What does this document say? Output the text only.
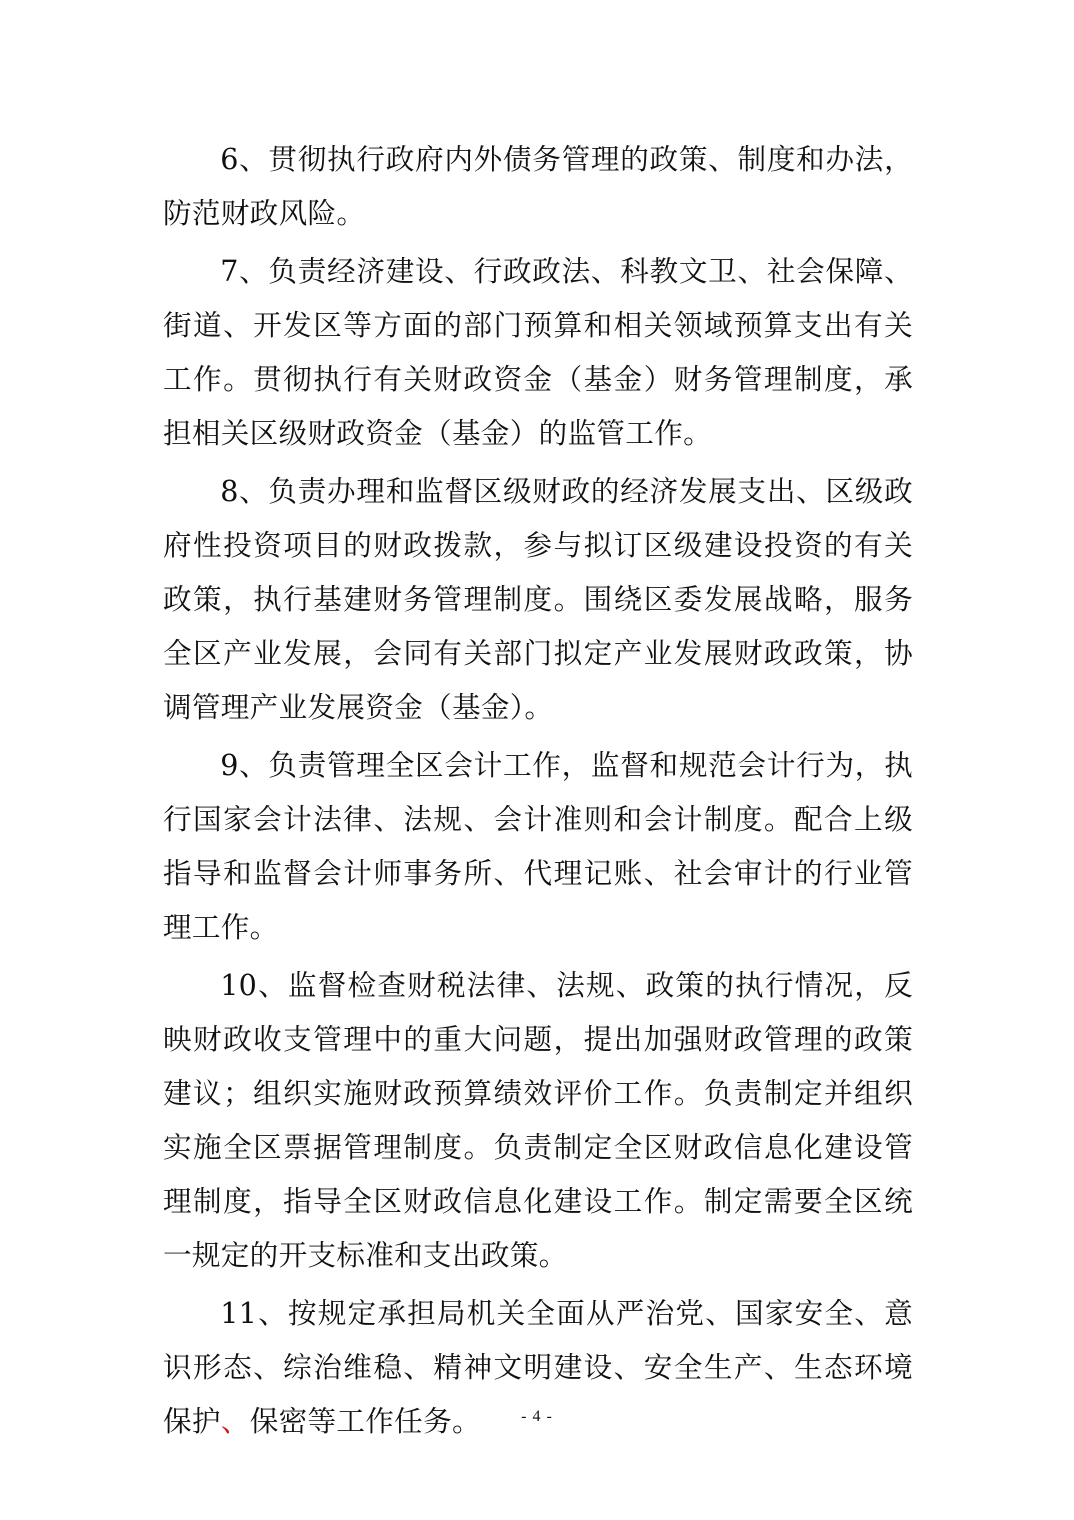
6、贯彻执行政府内外债务管理的政策、制度和办法，防范财政风险。

7、负责经济建设、行政政法、科教文卫、社会保障、街道、开发区等方面的部门预算和相关领域预算支出有关工作。贯彻执行有关财政资金（基金）财务管理制度，承担相关区级财政资金（基金）的监管工作。

8、负责办理和监督区级财政的经济发展支出、区级政府性投资项目的财政拨款，参与拟订区级建设投资的有关政策，执行基建财务管理制度。围绕区委发展战略，服务全区产业发展，会同有关部门拟定产业发展财政政策，协调管理产业发展资金（基金）。

9、负责管理全区会计工作，监督和规范会计行为，执行国家会计法律、法规、会计准则和会计制度。配合上级指导和监督会计师事务所、代理记账、社会审计的行业管理工作。

10、监督检查财税法律、法规、政策的执行情况，反映财政收支管理中的重大问题，提出加强财政管理的政策建议；组织实施财政预算绩效评价工作。负责制定并组织实施全区票据管理制度。负责制定全区财政信息化建设管理制度，指导全区财政信息化建设工作。制定需要全区统一规定的开支标准和支出政策。

11、按规定承担局机关全面从严治党、国家安全、意识形态、综治维稳、精神文明建设、安全生产、生态环境保护、保密等工作任务。	- 4 -
